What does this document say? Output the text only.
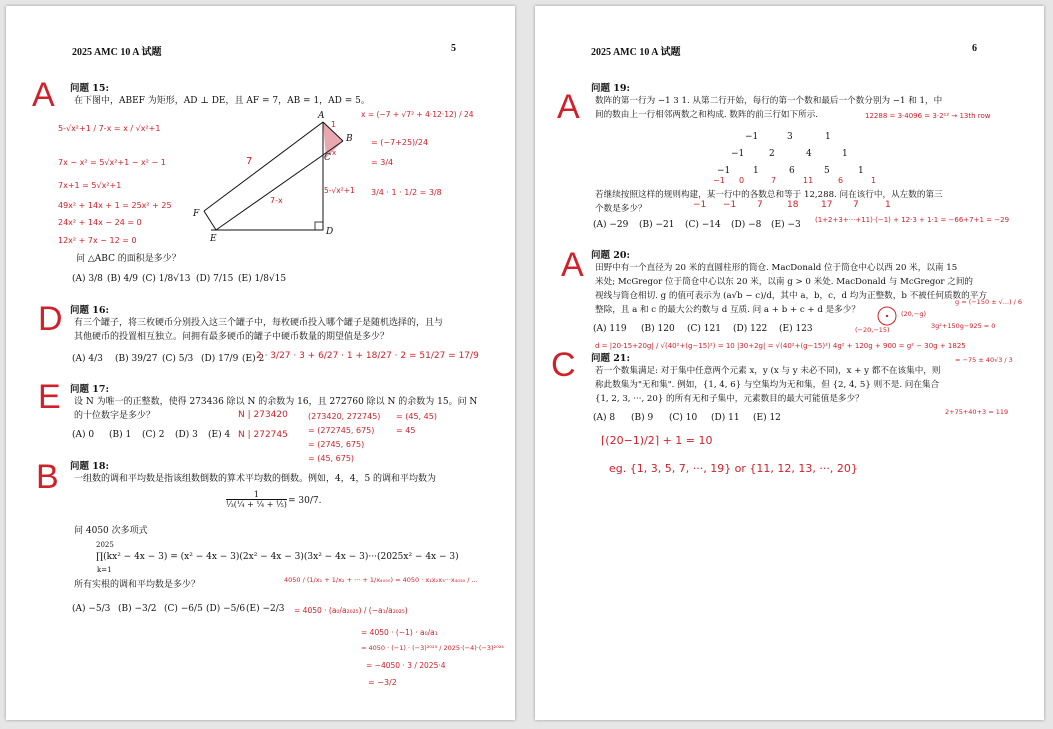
2025 AMC 10 A 试题	5
问题 15:
在下图中，ABEF 为矩形，AD ⊥ DE，且 AF = 7，AB = 1，AD = 5。
A
B
C
D
E
F
问 △ABC 的面积是多少？
(A) 3/8 (B) 4/9 (C) 1/8√13 (D) 7/15 (E) 1/8√15
问题 16:
有三个罐子，将三枚硬币分别投入这三个罐子中，每枚硬币投入哪个罐子是随机选择的，且与
其他硬币的投置相互独立。问拥有最多硬币的罐子中硬币数量的期望值是多少？
(A) 4/3 (B) 39/27 (C) 5/3 (D) 17/9 (E) 2
问题 17:
设 N 为唯一的正整数，使得 273436 除以 N 的余数为 16，且 272760 除以 N 的余数为 15。问 N
的十位数字是多少？
(A) 0 (B) 1 (C) 2 (D) 3 (E) 4
问题 18:
一组数的调和平均数是指该组数倒数的算术平均数的倒数。例如，4，4，5 的调和平均数为
$\frac{1}{\text{⅓(¼ + ¼ + ⅕)}} = 30/7$.
问 4050 次多项式
2025
∏(kx² − 4x − 3) = (x² − 4x − 3)(2x² − 4x − 3)(3x² − 4x − 3)···(2025x² − 4x − 3)
k=1
所有实根的调和平均数是多少？
(A) −5/3 (B) −3/2 (C) −6/5 (D) −5/6 (E) −2/3
A
D
E
B
5-√x²+1 / 7-x = x / √x²+1
7x − x² = 5√x²+1 − x² − 1
7x+1 = 5√x²+1
49x² + 14x + 1 = 25x² + 25
24x² + 14x − 24 = 0
12x² + 7x − 12 = 0
x = (−7 + √7² + 4·12·12) / 24
= (−7+25)/24
= 3/4
3/4 · 1 · 1/2 = 3/8
7
7-x
5-√x²+1
1
x
2 · 3/27 · 3 + 6/27 · 1 + 18/27 · 2 = 51/27 = 17/9
N | 273420
N | 272745
(273420, 272745)
= (272745, 675)
= (2745, 675)
= (45, 675)
= (45, 45)
= 45
4050 / (1/x₁ + 1/x₂ + ··· + 1/x₄₀₅₀) = 4050 · x₁x₂x₃···x₄₀₅₀ / ...
= 4050 · (a₀/a₂₀₂₅) / (−a₁/a₂₀₂₅)
= 4050 · (−1) · a₀/a₁
= 4050 · (−1) · (−3)²⁰²⁵ / 2025·(−4)·(−3)²⁰²⁴
= −4050 · 3 / 2025·4
= −3/2
2025 AMC 10 A 试题	6
问题 19:
数阵的第一行为 −1 3 1. 从第二行开始，每行的第一个数和最后一个数分别为 −1 和 1，中
间的数由上一行相邻两数之和构成. 数阵的前三行如下所示.
−1	3	1
−1	2	4	1
−1	1	6	5	1
若继续按照这样的规则构建，某一行中的各数总和等于 12,288. 问在该行中，从左数的第三
个数是多少？
(A) −29 (B) −21 (C) −14 (D) −8 (E) −3
问题 20:
田野中有一个直径为 20 米的直圆柱形的筒仓. MacDonald 位于筒仓中心以西 20 米，以南 15
米处; McGregor 位于筒仓中心以东 20 米，以南 g > 0 米处. MacDonald 与 McGregor 之间的
视线与筒仓相切. g 的值可表示为 (a√b − c)/d，其中 a，b，c，d 均为正整数，b 不被任何质数的平方
整除，且 a 和 c 的最大公约数与 d 互质. 问 a + b + c + d 是多少？
(A) 119 (B) 120 (C) 121 (D) 122 (E) 123
问题 21:
若一个数集满足: 对于集中任意两个元素 x，y (x 与 y 未必不同)，x + y 都不在该集中，则
称此数集为"无和集". 例如，{1, 4, 6} 与空集均为无和集，但 {2, 4, 5} 则不是. 问在集合
{1, 2, 3, ···, 20} 的所有无和子集中，元素数目的最大可能值是多少？
(A) 8 (B) 9 (C) 10 (D) 11 (E) 12
A
A
C
12288 = 3·4096 = 3·2¹² → 13th row
−1 0	7	11	6	1
−1 −1 7	18	17 7	1
(1+2+3+···+11)·(−1) + 12·3 + 1·1 = −66+7+1 = −29
d = |20·15+20g| / √(40²+(g−15)²) = 10 |30+2g| = √(40²+(g−15)²) 4g² + 120g + 900 = g² − 30g + 1825
g = (−150 ± √...) / 6
= −75 ± 40√3 / 3
2+75+40+3 = 119
(−20,−15)
(20,−g)
3g²+150g−925 = 0
⌈(20−1)/2⌉ + 1 = 10
eg. {1, 3, 5, 7, ···, 19} or {11, 12, 13, ···, 20}
